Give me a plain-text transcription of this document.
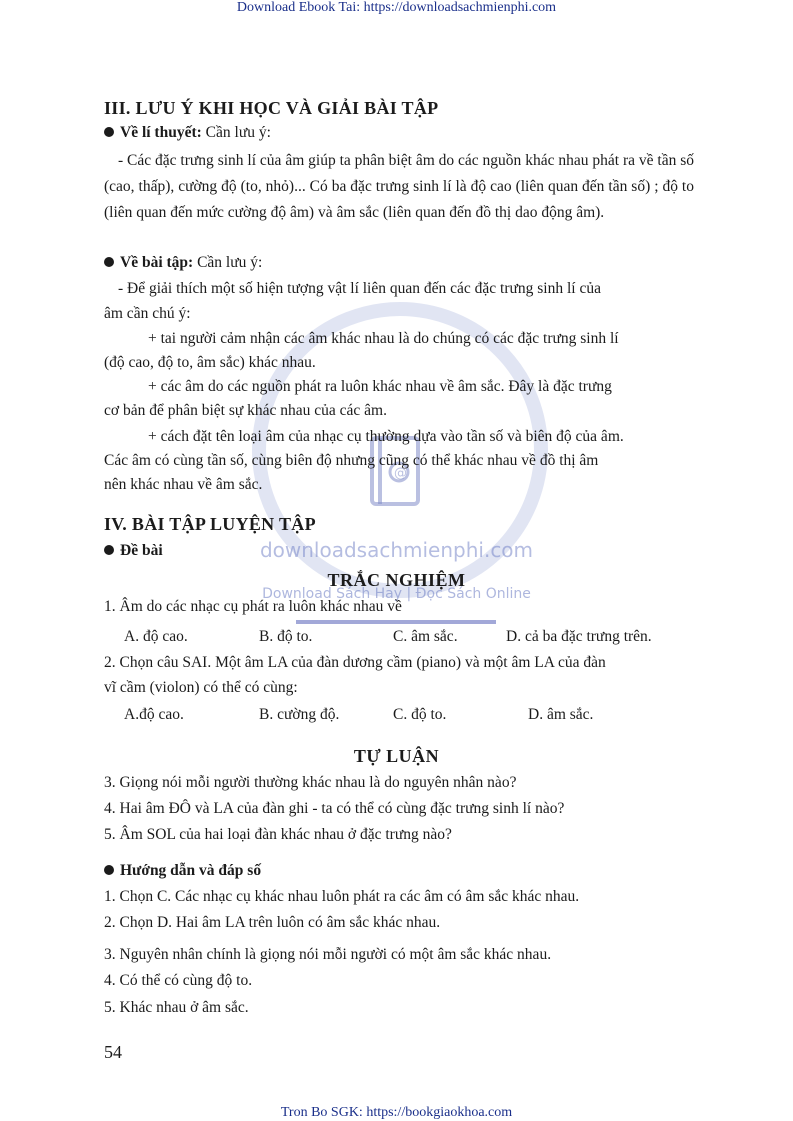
Download Ebook Tai: https://downloadsachmienphi.com
@
downloadsachmienphi.com
Download Sách Hay | Đọc Sách Online
III. LƯU Ý KHI HỌC VÀ GIẢI BÀI TẬP
Về lí thuyết: Cần lưu ý:
- Các đặc trưng sinh lí của âm giúp ta phân biệt âm do các nguồn khác nhau phát ra về tần số (cao, thấp), cường độ (to, nhỏ)... Có ba đặc trưng sinh lí là độ cao (liên quan đến tần số) ; độ to (liên quan đến mức cường độ âm) và âm sắc (liên quan đến đồ thị dao động âm).
Về bài tập: Cần lưu ý:
- Để giải thích một số hiện tượng vật lí liên quan đến các đặc trưng sinh lí của
âm cần chú ý:
+ tai người cảm nhận các âm khác nhau là do chúng có các đặc trưng sinh lí
(độ cao, độ to, âm sắc) khác nhau.
+ các âm do các nguồn phát ra luôn khác nhau về âm sắc. Đây là đặc trưng
cơ bản để phân biệt sự khác nhau của các âm.
+ cách đặt tên loại âm của nhạc cụ thường dựa vào tần số và biên độ của âm.
Các âm có cùng tần số, cùng biên độ nhưng cũng có thể khác nhau về đồ thị âm
nên khác nhau về âm sắc.
IV. BÀI TẬP LUYỆN TẬP
Đề bài
TRẮC NGHIỆM
1. Âm do các nhạc cụ phát ra luôn khác nhau về
A. độ cao.	B. độ to.	C. âm sắc.	D. cả ba đặc trưng trên.
2. Chọn câu SAI. Một âm LA của đàn dương cầm (piano) và một âm LA của đàn
vĩ cầm (violon) có thể có cùng:
A.độ cao.	B. cường độ.	C. độ to.	D. âm sắc.
TỰ LUẬN
3. Giọng nói mỗi người thường khác nhau là do nguyên nhân nào?
4. Hai âm ĐÔ và LA của đàn ghi - ta có thể có cùng đặc trưng sinh lí nào?
5. Âm SOL của hai loại đàn khác nhau ở đặc trưng nào?
Hướng dẫn và đáp số
1. Chọn C. Các nhạc cụ khác nhau luôn phát ra các âm có âm sắc khác nhau.
2. Chọn D. Hai âm LA trên luôn có âm sắc khác nhau.
3. Nguyên nhân chính là giọng nói mỗi người có một âm sắc khác nhau.
4. Có thể có cùng độ to.
5. Khác nhau ở âm sắc.
54
Tron Bo SGK: https://bookgiaokhoa.com
